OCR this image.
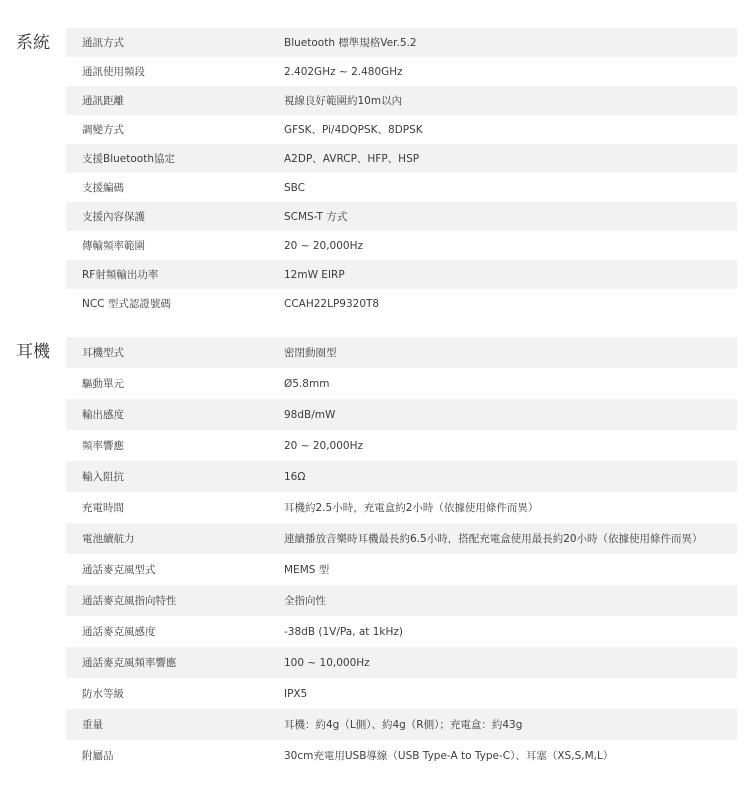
系統	通訊方式	Bluetooth 標準規格Ver.5.2
通訊使用頻段	2.402GHz ~ 2.480GHz
通訊距離	視線良好範圍約10m以內
調變方式	GFSK、Pi/4DQPSK、8DPSK
支援Bluetooth協定	A2DP、AVRCP、HFP、HSP
支援編碼	SBC
支援內容保護	SCMS-T 方式
傳輸頻率範圍	20 ~ 20,000Hz
RF射頻輸出功率	12mW EIRP
NCC 型式認證號碼	CCAH22LP9320T8
耳機	耳機型式	密閉動圈型
驅動單元	Ø5.8mm
輸出感度	98dB/mW
頻率響應	20 ~ 20,000Hz
輸入阻抗	16Ω
充電時間	耳機約2.5小時，充電盒約2小時（依據使用條件而異）
電池續航力	連續播放音樂時耳機最長約6.5小時，搭配充電盒使用最長約20小時（依據使用條件而異）
通話麥克風型式	MEMS 型
通話麥克風指向特性	全指向性
通話麥克風感度	-38dB (1V/Pa, at 1kHz)
通話麥克風頻率響應	100 ~ 10,000Hz
防水等級	IPX5
重量	耳機：約4g（L側）、約4g（R側）；充電盒：約43g
附屬品	30cm充電用USB導線（USB Type-A to Type-C）、耳塞（XS,S,M,L）
